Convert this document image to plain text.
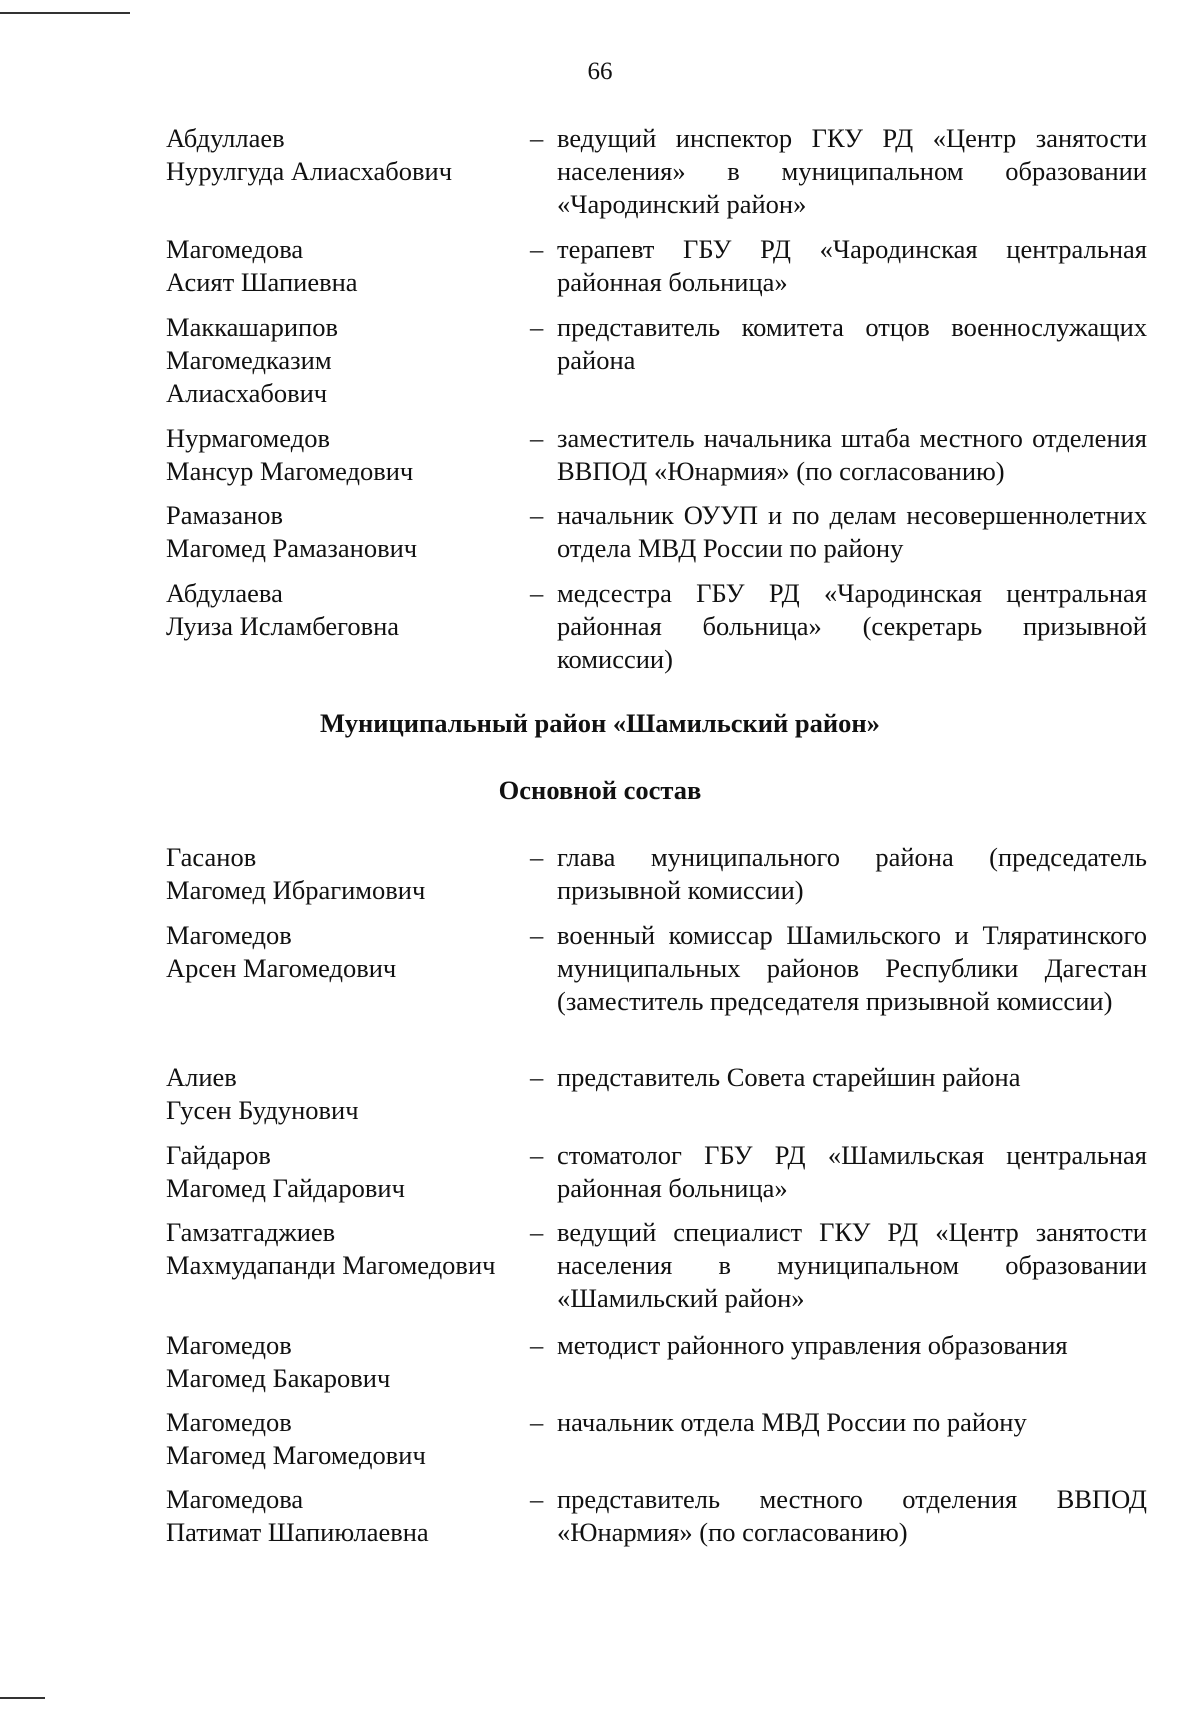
66
Абдуллаев
Нурулгуда Алиасхабович
– ведущий инспектор ГКУ РД «Центр занятости населения» в муниципальном образовании «Чародинский район»
Магомедова
Асият Шапиевна
– терапевт ГБУ РД «Чародинская центральная районная больница»
Маккашарипов
Магомедказим
Алиасхабович
– представитель комитета отцов военнослужащих района
Нурмагомедов
Мансур Магомедович
– заместитель начальника штаба местного отделения ВВПОД «Юнармия» (по согласованию)
Рамазанов
Магомед Рамазанович
– начальник ОУУП и по делам несовершеннолетних отдела МВД России по району
Абдулаева
Луиза Исламбеговна
– медсестра ГБУ РД «Чародинская центральная районная больница» (секретарь призывной комиссии)
Муниципальный район «Шамильский район»
Основной состав
Гасанов
Магомед Ибрагимович
– глава муниципального района (председатель призывной комиссии)
Магомедов
Арсен Магомедович
– военный комиссар Шамильского и Тляратинского муниципальных районов Республики Дагестан (заместитель председателя призывной комиссии)
Алиев
Гусен Будунович
– представитель Совета старейшин района
Гайдаров
Магомед Гайдарович
– стоматолог ГБУ РД «Шамильская центральная районная больница»
Гамзатгаджиев
Махмудапанди Магомедович
– ведущий специалист ГКУ РД «Центр занятости населения в муниципальном образовании «Шамильский район»
Магомедов
Магомед Бакарович
– методист районного управления образования
Магомедов
Магомед Магомедович
– начальник отдела МВД России по району
Магомедова
Патимат Шапиюлаевна
– представитель местного отделения ВВПОД «Юнармия» (по согласованию)
